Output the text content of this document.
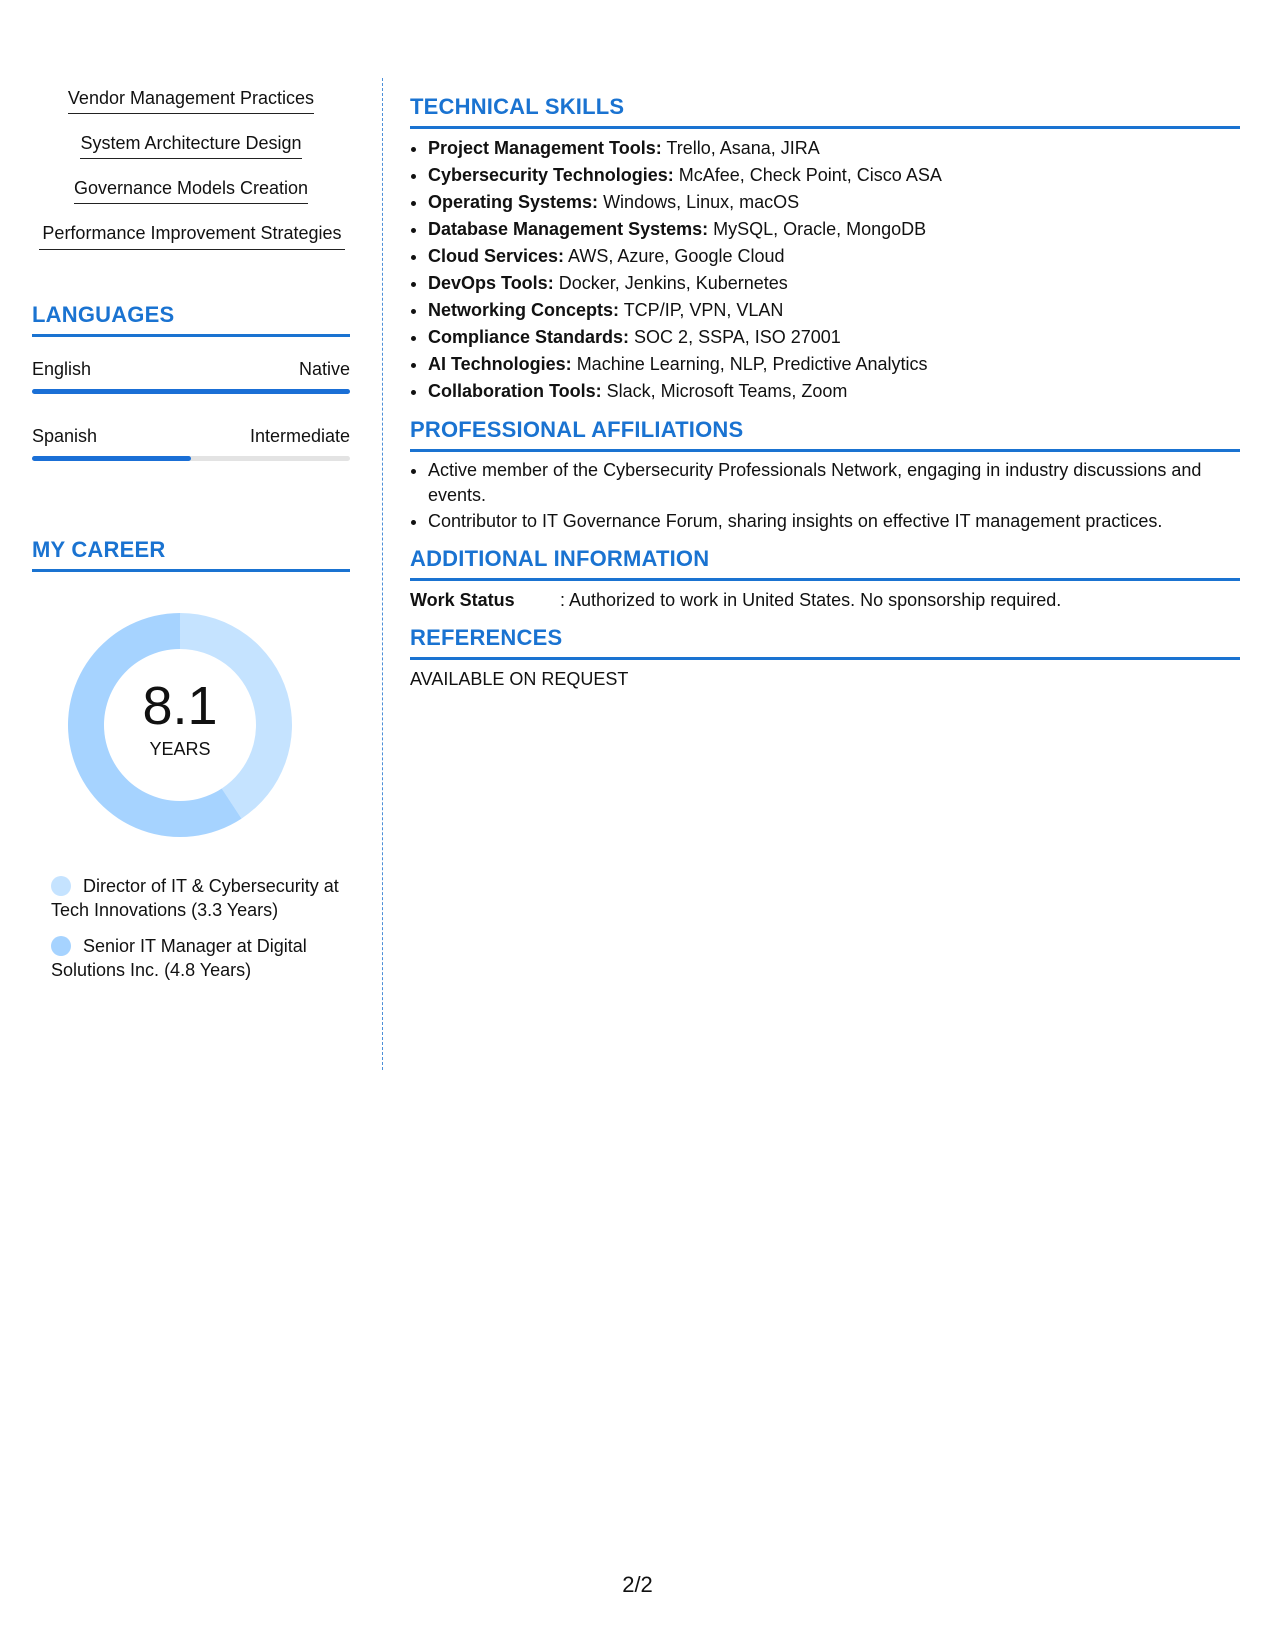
Vendor Management Practices
System Architecture Design
Governance Models Creation
Performance Improvement Strategies
LANGUAGES
English	Native
Spanish	Intermediate
MY CAREER
8.1
YEARS
Director of IT & Cybersecurity at Tech Innovations (3.3 Years)
Senior IT Manager at Digital Solutions Inc. (4.8 Years)
TECHNICAL SKILLS
• Project Management Tools: Trello, Asana, JIRA
• Cybersecurity Technologies: McAfee, Check Point, Cisco ASA
• Operating Systems: Windows, Linux, macOS
• Database Management Systems: MySQL, Oracle, MongoDB
• Cloud Services: AWS, Azure, Google Cloud
• DevOps Tools: Docker, Jenkins, Kubernetes
• Networking Concepts: TCP/IP, VPN, VLAN
• Compliance Standards: SOC 2, SSPA, ISO 27001
• AI Technologies: Machine Learning, NLP, Predictive Analytics
• Collaboration Tools: Slack, Microsoft Teams, Zoom
PROFESSIONAL AFFILIATIONS
• Active member of the Cybersecurity Professionals Network, engaging in industry discussions and events.
• Contributor to IT Governance Forum, sharing insights on effective IT management practices.
ADDITIONAL INFORMATION
Work Status	: Authorized to work in United States. No sponsorship required.
REFERENCES
AVAILABLE ON REQUEST
2/2
